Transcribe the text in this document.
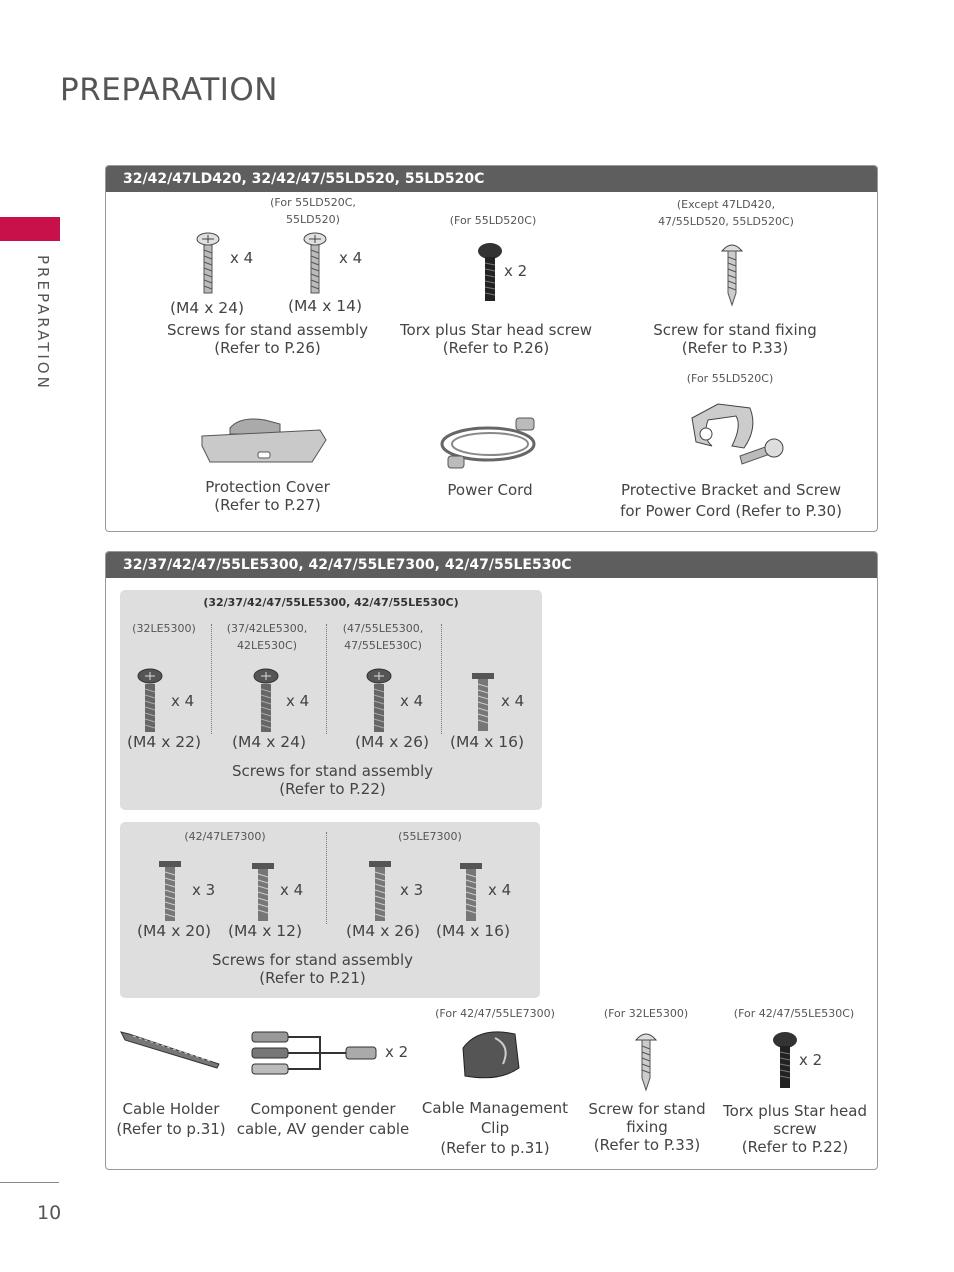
PREPARATION
PREPARATION
10
32/42/47LD420, 32/42/47/55LD520, 55LD520C
(For 55LD520C,
55LD520)
x 4	x 4
(M4 x 24)	(M4 x 14)
Screws for stand assembly
(Refer to P.26)
(For 55LD520C)
x 2
Torx plus Star head screw
(Refer to P.26)
(Except 47LD420,
47/55LD520, 55LD520C)
Screw for stand fixing
(Refer to P.33)
Protection Cover
(Refer to P.27)
Power Cord
(For 55LD520C)
Protective Bracket and Screw
for Power Cord (Refer to P.30)
32/37/42/47/55LE5300, 42/47/55LE7300, 42/47/55LE530C
(32/37/42/47/55LE5300, 42/47/55LE530C)
(32LE5300)	(37/42LE5300,
42LE530C)
(47/55LE5300,
47/55LE530C)
x 4	x 4	x 4	x 4
(M4 x 22) (M4 x 24)	(M4 x 26) (M4 x 16)
Screws for stand assembly
(Refer to P.22)
(42/47LE7300)	(55LE7300)
x 3	x 4	x 3	x 4
(M4 x 20) (M4 x 12)	(M4 x 26) (M4 x 16)
Screws for stand assembly
(Refer to P.21)
Cable Holder
(Refer to p.31)
x 2
Component gender
cable, AV gender cable
(For 42/47/55LE7300)
Cable Management
Clip
(Refer to p.31)
(For 32LE5300)
Screw for stand
fixing
(Refer to P.33)
(For 42/47/55LE530C)
x 2
Torx plus Star head
screw
(Refer to P.22)
